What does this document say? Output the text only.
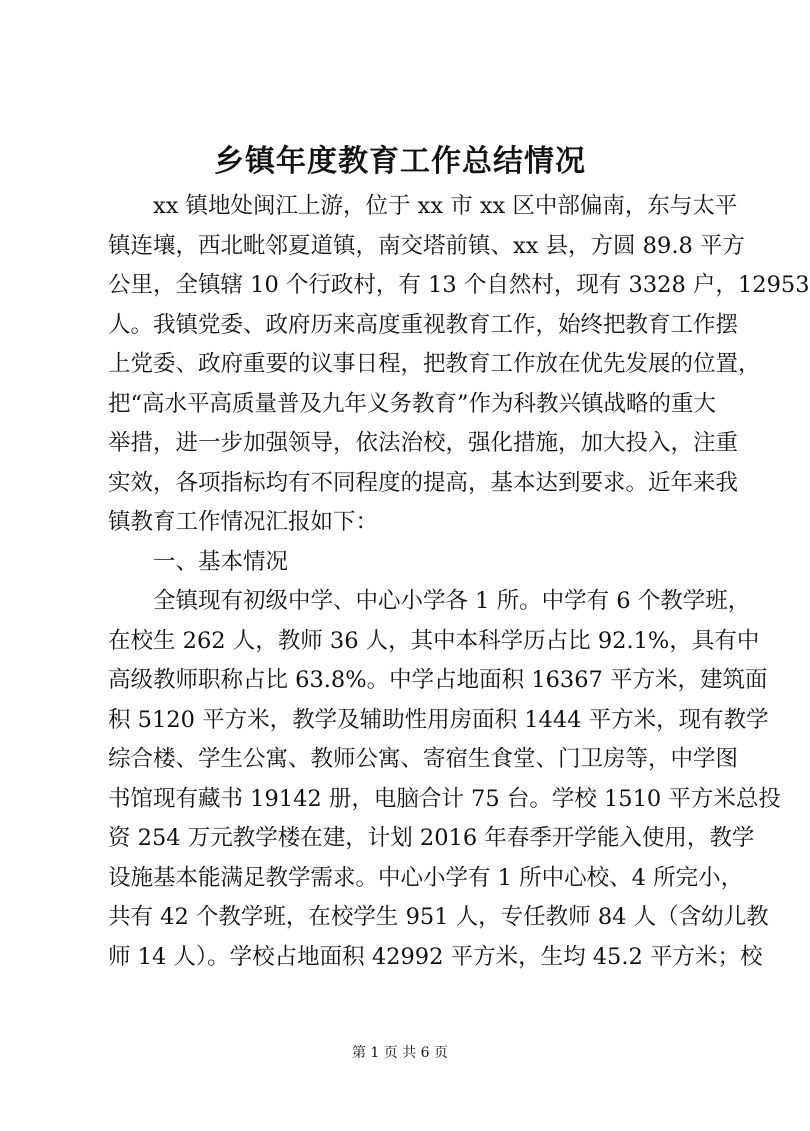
乡镇年度教育工作总结情况
　　xx 镇地处闽江上游，位于 xx 市 xx 区中部偏南，东与太平
镇连壤，西北毗邻夏道镇，南交塔前镇、xx 县，方圆 89.8 平方
公里，全镇辖 10 个行政村，有 13 个自然村，现有 3328 户，12953
人。我镇党委、政府历来高度重视教育工作，始终把教育工作摆
上党委、政府重要的议事日程，把教育工作放在优先发展的位置，
把“高水平高质量普及九年义务教育”作为科教兴镇战略的重大
举措，进一步加强领导，依法治校，强化措施，加大投入，注重
实效，各项指标均有不同程度的提高，基本达到要求。近年来我
镇教育工作情况汇报如下：
　　一、基本情况
　　全镇现有初级中学、中心小学各 1 所。中学有 6 个教学班，
在校生 262 人，教师 36 人，其中本科学历占比 92.1%，具有中
高级教师职称占比 63.8%。中学占地面积 16367 平方米，建筑面
积 5120 平方米，教学及辅助性用房面积 1444 平方米，现有教学
综合楼、学生公寓、教师公寓、寄宿生食堂、门卫房等，中学图
书馆现有藏书 19142 册，电脑合计 75 台。学校 1510 平方米总投
资 254 万元教学楼在建，计划 2016 年春季开学能入使用，教学
设施基本能满足教学需求。中心小学有 1 所中心校、4 所完小，
共有 42 个教学班，在校学生 951 人，专任教师 84 人（含幼儿教
师 14 人）。学校占地面积 42992 平方米，生均 45.2 平方米；校
第 1 页 共 6 页
